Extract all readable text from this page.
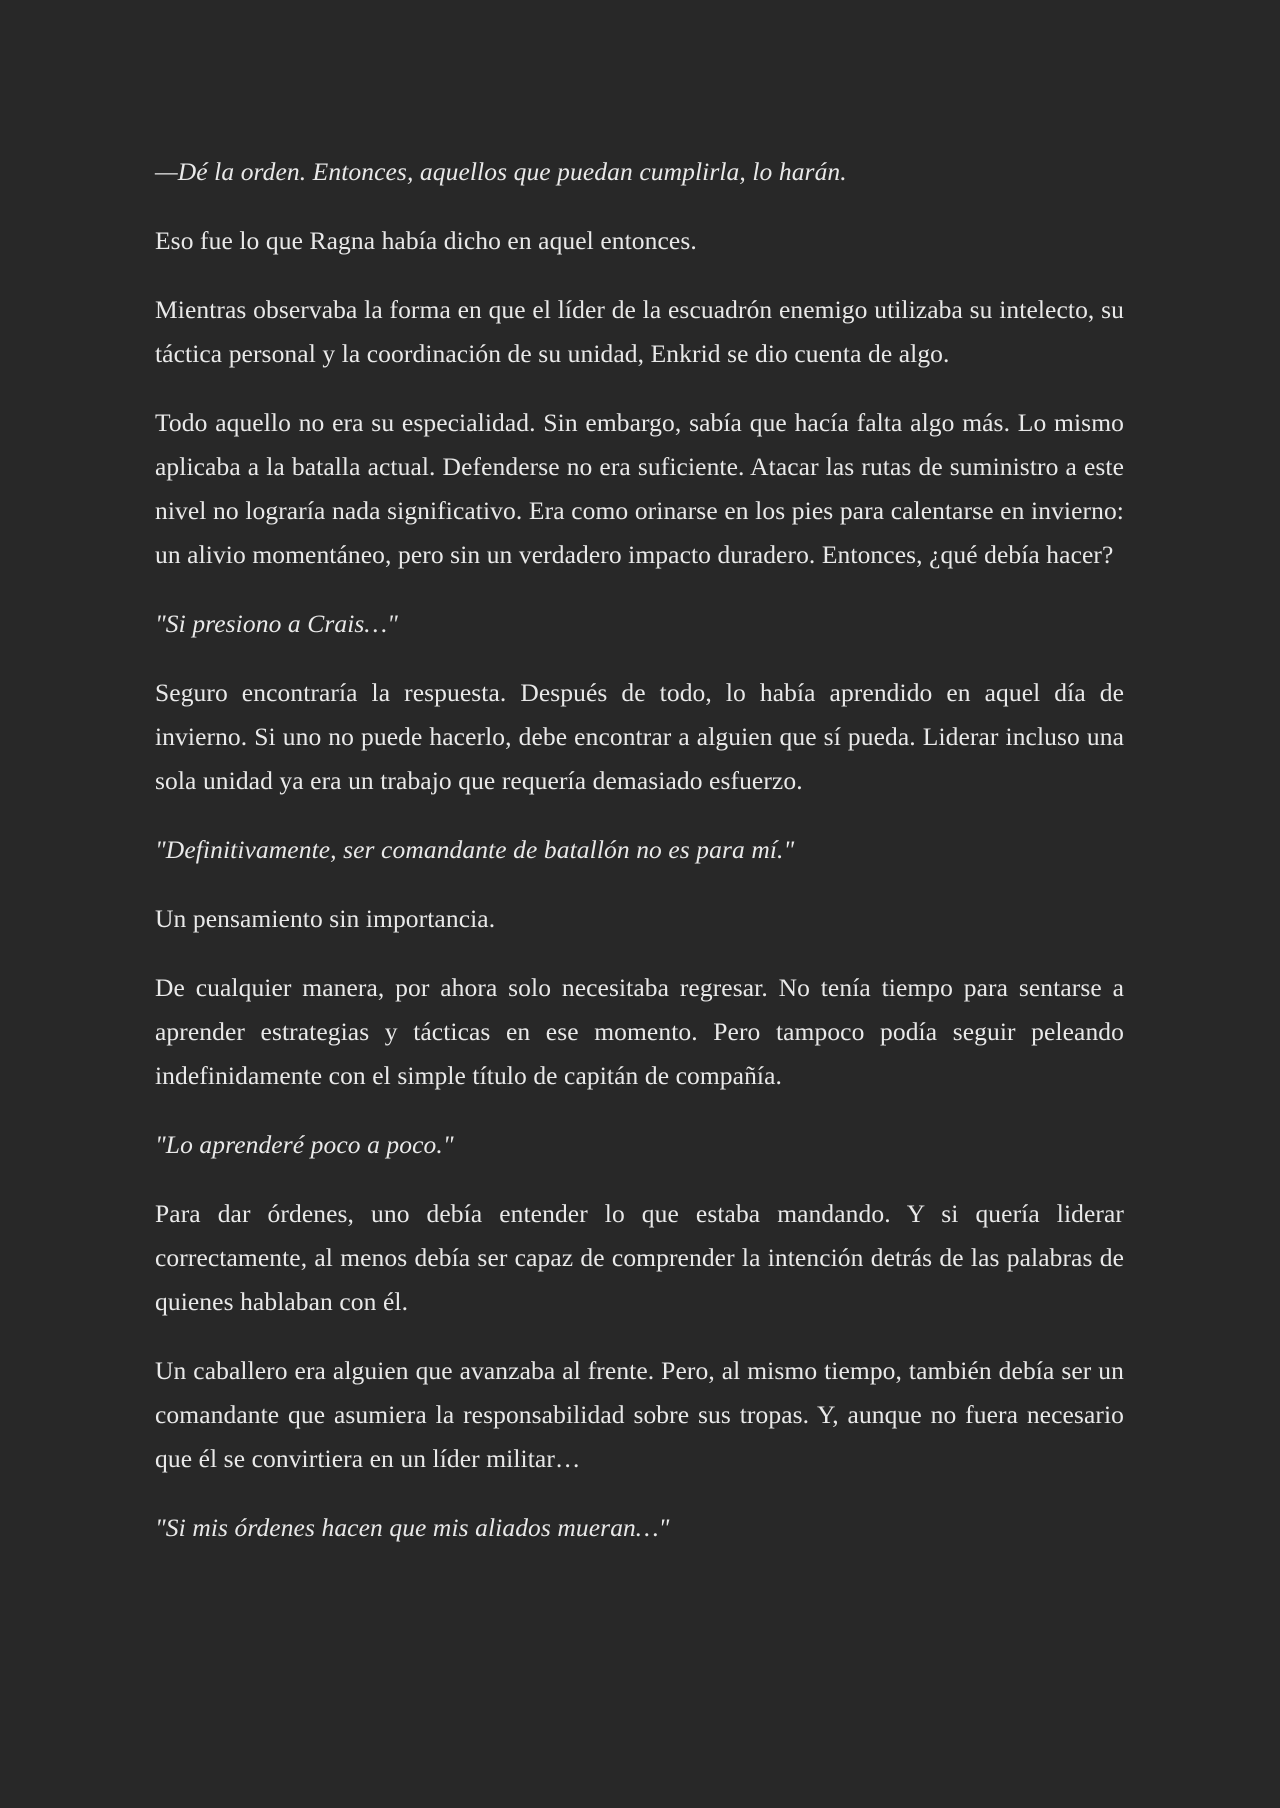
—Dé la orden. Entonces, aquellos que puedan cumplirla, lo harán.

Eso fue lo que Ragna había dicho en aquel entonces.

Mientras observaba la forma en que el líder de la escuadrón enemigo utilizaba su intelecto, su táctica personal y la coordinación de su unidad, Enkrid se dio cuenta de algo.

Todo aquello no era su especialidad. Sin embargo, sabía que hacía falta algo más. Lo mismo aplicaba a la batalla actual. Defenderse no era suficiente. Atacar las rutas de suministro a este nivel no lograría nada significativo. Era como orinarse en los pies para calentarse en invierno: un alivio momentáneo, pero sin un verdadero impacto duradero. Entonces, ¿qué debía hacer?

"Si presiono a Crais…"

Seguro encontraría la respuesta. Después de todo, lo había aprendido en aquel día de invierno. Si uno no puede hacerlo, debe encontrar a alguien que sí pueda. Liderar incluso una sola unidad ya era un trabajo que requería demasiado esfuerzo.

"Definitivamente, ser comandante de batallón no es para mí."

Un pensamiento sin importancia.

De cualquier manera, por ahora solo necesitaba regresar. No tenía tiempo para sentarse a aprender estrategias y tácticas en ese momento. Pero tampoco podía seguir peleando indefinidamente con el simple título de capitán de compañía.

"Lo aprenderé poco a poco."

Para dar órdenes, uno debía entender lo que estaba mandando. Y si quería liderar correctamente, al menos debía ser capaz de comprender la intención detrás de las palabras de quienes hablaban con él.

Un caballero era alguien que avanzaba al frente. Pero, al mismo tiempo, también debía ser un comandante que asumiera la responsabilidad sobre sus tropas. Y, aunque no fuera necesario que él se convirtiera en un líder militar…

"Si mis órdenes hacen que mis aliados mueran…"
